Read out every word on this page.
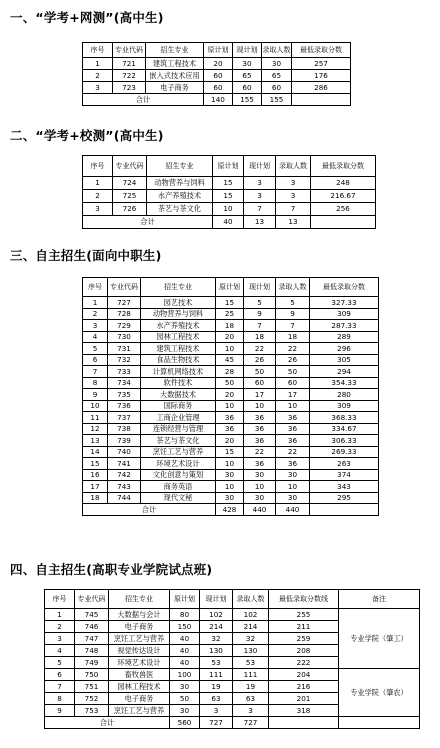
一、“学考+网测”(高中生)
序号	专业代码	招生专业	原计划	现计划	录取人数	最低录取分数
1	721	建筑工程技术	20	30	30	257
2	722	嵌入式技术应用	60	65	65	176
3	723	电子商务	60	60	60	286
合计			140	155	155	
二、“学考+校测”(高中生)
序号	专业代码	招生专业	原计划	现计划	录取人数	最低录取分数
1	724	动物营养与饲料	15	3	3	248
2	725	水产养殖技术	15	3	3	216.67
3	726	茶艺与茶文化	10	7	7	256
合计			40	13	13	
三、自主招生(面向中职生)
序号	专业代码	招生专业	原计划	现计划	录取人数	最低录取分数
1	727	园艺技术	15	5	5	327.33
2	728	动物营养与饲料	25	9	9	309
3	729	水产养殖技术	18	7	7	287.33
4	730	园林工程技术	20	18	18	289
5	731	建筑工程技术	10	22	22	296
6	732	食品生物技术	45	26	26	305
7	733	计算机网络技术	28	50	50	294
8	734	软件技术	50	60	60	354.33
9	735	大数据技术	20	17	17	280
10	736	国际商务	10	10	10	309
11	737	工商企业管理	36	36	36	368.33
12	738	连锁经营与管理	36	36	36	334.67
13	739	茶艺与茶文化	20	36	36	306.33
14	740	烹饪工艺与营养	15	22	22	269.33
15	741	环境艺术设计	10	36	36	263
16	742	文化创意与策划	30	30	30	374
17	743	商务英语	10	10	10	343
18	744	现代文秘	30	30	30	295
合计			428	440	440	
四、自主招生(高职专业学院试点班)
序号	专业代码	招生专业	原计划	现计划	录取人数	最低录取分数线	备注
1	745	大数据与会计	80	102	102	255	专业学院（肇工）
2	746	电子商务	150	214	214	211	
3	747	烹饪工艺与营养	40	32	32	259	
4	748	视觉传达设计	40	130	130	208	
5	749	环境艺术设计	40	53	53	222	
6	750	畜牧兽医	100	111	111	204	专业学院（肇农）
7	751	园林工程技术	30	19	19	216	
8	752	电子商务	50	63	63	201	
9	753	烹饪工艺与营养	30	3	3	318	
合计			560	727	727		
